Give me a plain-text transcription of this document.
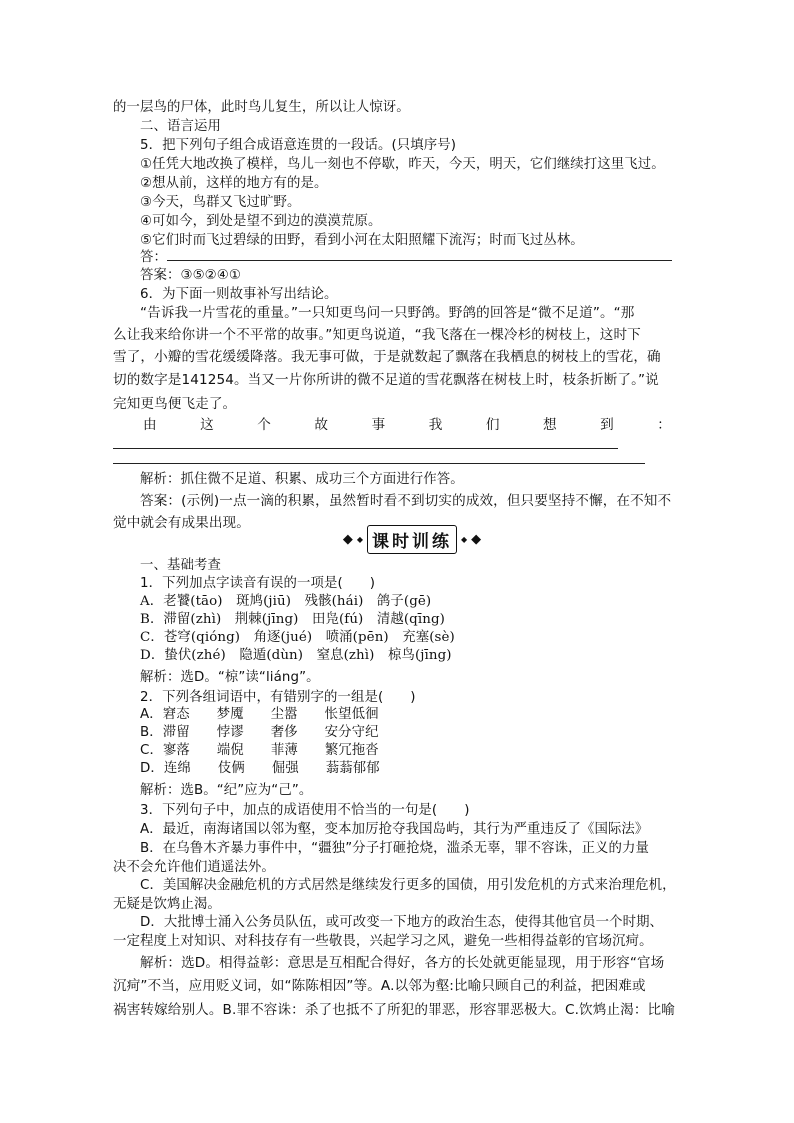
的一层鸟的尸体，此时鸟儿复生，所以让人惊讶。
二、语言运用
5．把下列句子组合成语意连贯的一段话。(只填序号)
①任凭大地改换了模样，鸟儿一刻也不停歇，昨天，今天，明天，它们继续打这里飞过。
②想从前，这样的地方有的是。
③今天，鸟群又飞过旷野。
④可如今，到处是望不到边的漠漠荒原。
⑤它们时而飞过碧绿的田野，看到小河在太阳照耀下流泻；时而飞过丛林。
答：
答案：③⑤②④①
6．为下面一则故事补写出结论。
“告诉我一片雪花的重量。”一只知更鸟问一只野鸽。野鸽的回答是“微不足道”。“那
么让我来给你讲一个不平常的故事。”知更鸟说道，“我飞落在一棵冷杉的树枝上，这时下
雪了，小瓣的雪花缓缓降落。我无事可做，于是就数起了飘落在我栖息的树枝上的雪花，确
切的数字是141254。当又一片你所讲的微不足道的雪花飘落在树枝上时，枝条折断了。”说
完知更鸟便飞走了。
由	这	个	故	事	我	们	想	到	：
解析：抓住微不足道、积累、成功三个方面进行作答。
答案：(示例)一点一滴的积累，虽然暂时看不到切实的成效，但只要坚持不懈，在不知不
觉中就会有成果出现。
◆ ◆ 课时训练	◆ ◆
一、基础考查
1．下列加点字读音有误的一项是(　　)
A．老饕(tāo)　斑鸠(jiū)　残骸(hái)　鸽子(gē)
B．滞留(zhì)　荆棘(jīng)　田凫(fú)　清越(qīng)
C．苍穹(qióng)　角逐(jué)　喷涌(pēn)　充塞(sè)
D．蛰伏(zhé)　隐遁(dùn)　窒息(zhì)　椋鸟(jīng)
解析：选D。“椋”读“liáng”。
2．下列各组词语中，有错别字的一组是(　　)
A．窘态　　梦魇　　尘嚣　　怅望低徊
B．滞留　　悖谬　　奢侈　　安分守纪
C．寥落　　端倪　　菲薄　　繁冗拖沓
D．连绵　　伎俩　　倔强　　蓊蓊郁郁
解析：选B。“纪”应为“己”。
3．下列句子中，加点的成语使用不恰当的一句是(　　)
A．最近，南海诸国以邻为壑，变本加厉抢夺我国岛屿，其行为严重违反了《国际法》
B．在乌鲁木齐暴力事件中，“疆独”分子打砸抢烧，滥杀无辜，罪不容诛，正义的力量
决不会允许他们逍遥法外。
C．美国解决金融危机的方式居然是继续发行更多的国债，用引发危机的方式来治理危机，
无疑是饮鸩止渴。
D．大批博士涌入公务员队伍，或可改变一下地方的政治生态，使得其他官员一个时期、
一定程度上对知识、对科技存有一些敬畏，兴起学习之风，避免一些相得益彰的官场沉疴。
解析：选D。相得益彰：意思是互相配合得好，各方的长处就更能显现，用于形容“官场
沉疴”不当，应用贬义词，如“陈陈相因”等。A.以邻为壑:比喻只顾自己的利益，把困难或
祸害转嫁给别人。B.罪不容诛：杀了也抵不了所犯的罪恶，形容罪恶极大。C.饮鸩止渴：比喻
